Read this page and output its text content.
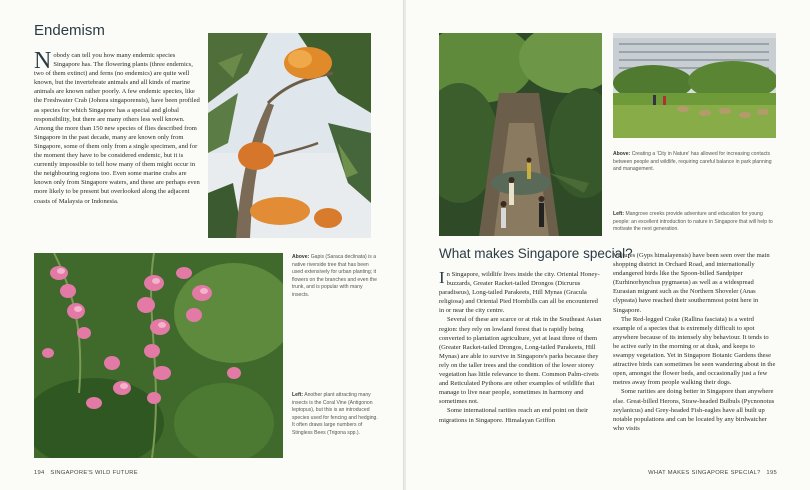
Endemism

Nobody can tell you how many endemic species Singapore has. The flowering plants (three endemics, two of them extinct) and ferns (no endemics) are quite well known, but the invertebrate animals and all kinds of marine animals are known rather poorly. A few endemic species, like the Freshwater Crab (Johora singaporensis), have been profiled as species for which Singapore has a special and global responsibility, but there are many others less well known. Among the more than 150 new species of flies described from Singapore in the past decade, many are known only from Singapore, some of them only from a single specimen, and for the moment they have to be considered endemic, but it is currently impossible to tell how many of them might occur in the neighbouring regions too. Even some marine crabs are known only from Singapore waters, and these are perhaps even more likely to be present but overlooked along the adjacent coasts of Malaysia or Indonesia.

Above: Gapis (Saraca declinata) is a native riverside tree that has been used extensively for urban planting; it flowers on the branches and even the trunk, and is popular with many insects.

Left: Another plant attracting many insects is the Coral Vine (Antigonon leptopus), but this is an introduced species used for fencing and hedging. It often draws large numbers of Stingless Bees (Trigona spp.).

194 SINGAPORE'S WILD FUTURE

Above: Creating a 'City in Nature' has allowed for increasing contacts between people and wildlife, requiring careful balance in park planning and management.

Left: Mangrove creeks provide adventure and education for young people: an excellent introduction to nature in Singapore that will help to motivate the next generation.

What makes Singapore special?

In Singapore, wildlife lives inside the city. Oriental Honey-buzzards, Greater Racket-tailed Drongos (Dicrurus paradiseus), Long-tailed Parakeets, Hill Mynas (Gracula religiosa) and Oriental Pied Hornbills can all be encountered in or near the city centre.

Several of these are scarce or at risk in the Southeast Asian region: they rely on lowland forest that is rapidly being converted to plantation agriculture, yet at least three of them (Greater Racket-tailed Drongos, Long-tailed Parakeets, Hill Mynas) are able to survive in Singapore's parks because they rely on the taller trees and the condition of the lower storey vegetation has little relevance to them. Common Palm-civets and Reticulated Pythons are other examples of wildlife that manage to live near people, sometimes in harmony and sometimes not.

Some international rarities reach an end point on their migrations in Singapore. Himalayan Griffon

Vultures (Gyps himalayensis) have been seen over the main shopping district in Orchard Road, and internationally endangered birds like the Spoon-billed Sandpiper (Eurhinorhynchus pygmaeus) as well as a widespread Eurasian migrant such as the Northern Shoveler (Anas clypeata) have reached their southernmost point here in Singapore.

The Red-legged Crake (Rallina fasciata) is a weird example of a species that is extremely difficult to spot anywhere because of its intensely shy behaviour. It tends to be active early in the morning or at dusk, and keeps to swampy vegetation. Yet in Singapore Botanic Gardens these attractive birds can sometimes be seen wandering about in the open, amongst the flower beds, and occasionally just a few metres away from people walking their dogs.

Some rarities are doing better in Singapore than anywhere else. Great-billed Herons, Straw-headed Bulbuls (Pycnonotus zeylanicus) and Grey-headed Fish-eagles have all built up notable populations and can be located by any birdwatcher who visits

WHAT MAKES SINGAPORE SPECIAL? 195
